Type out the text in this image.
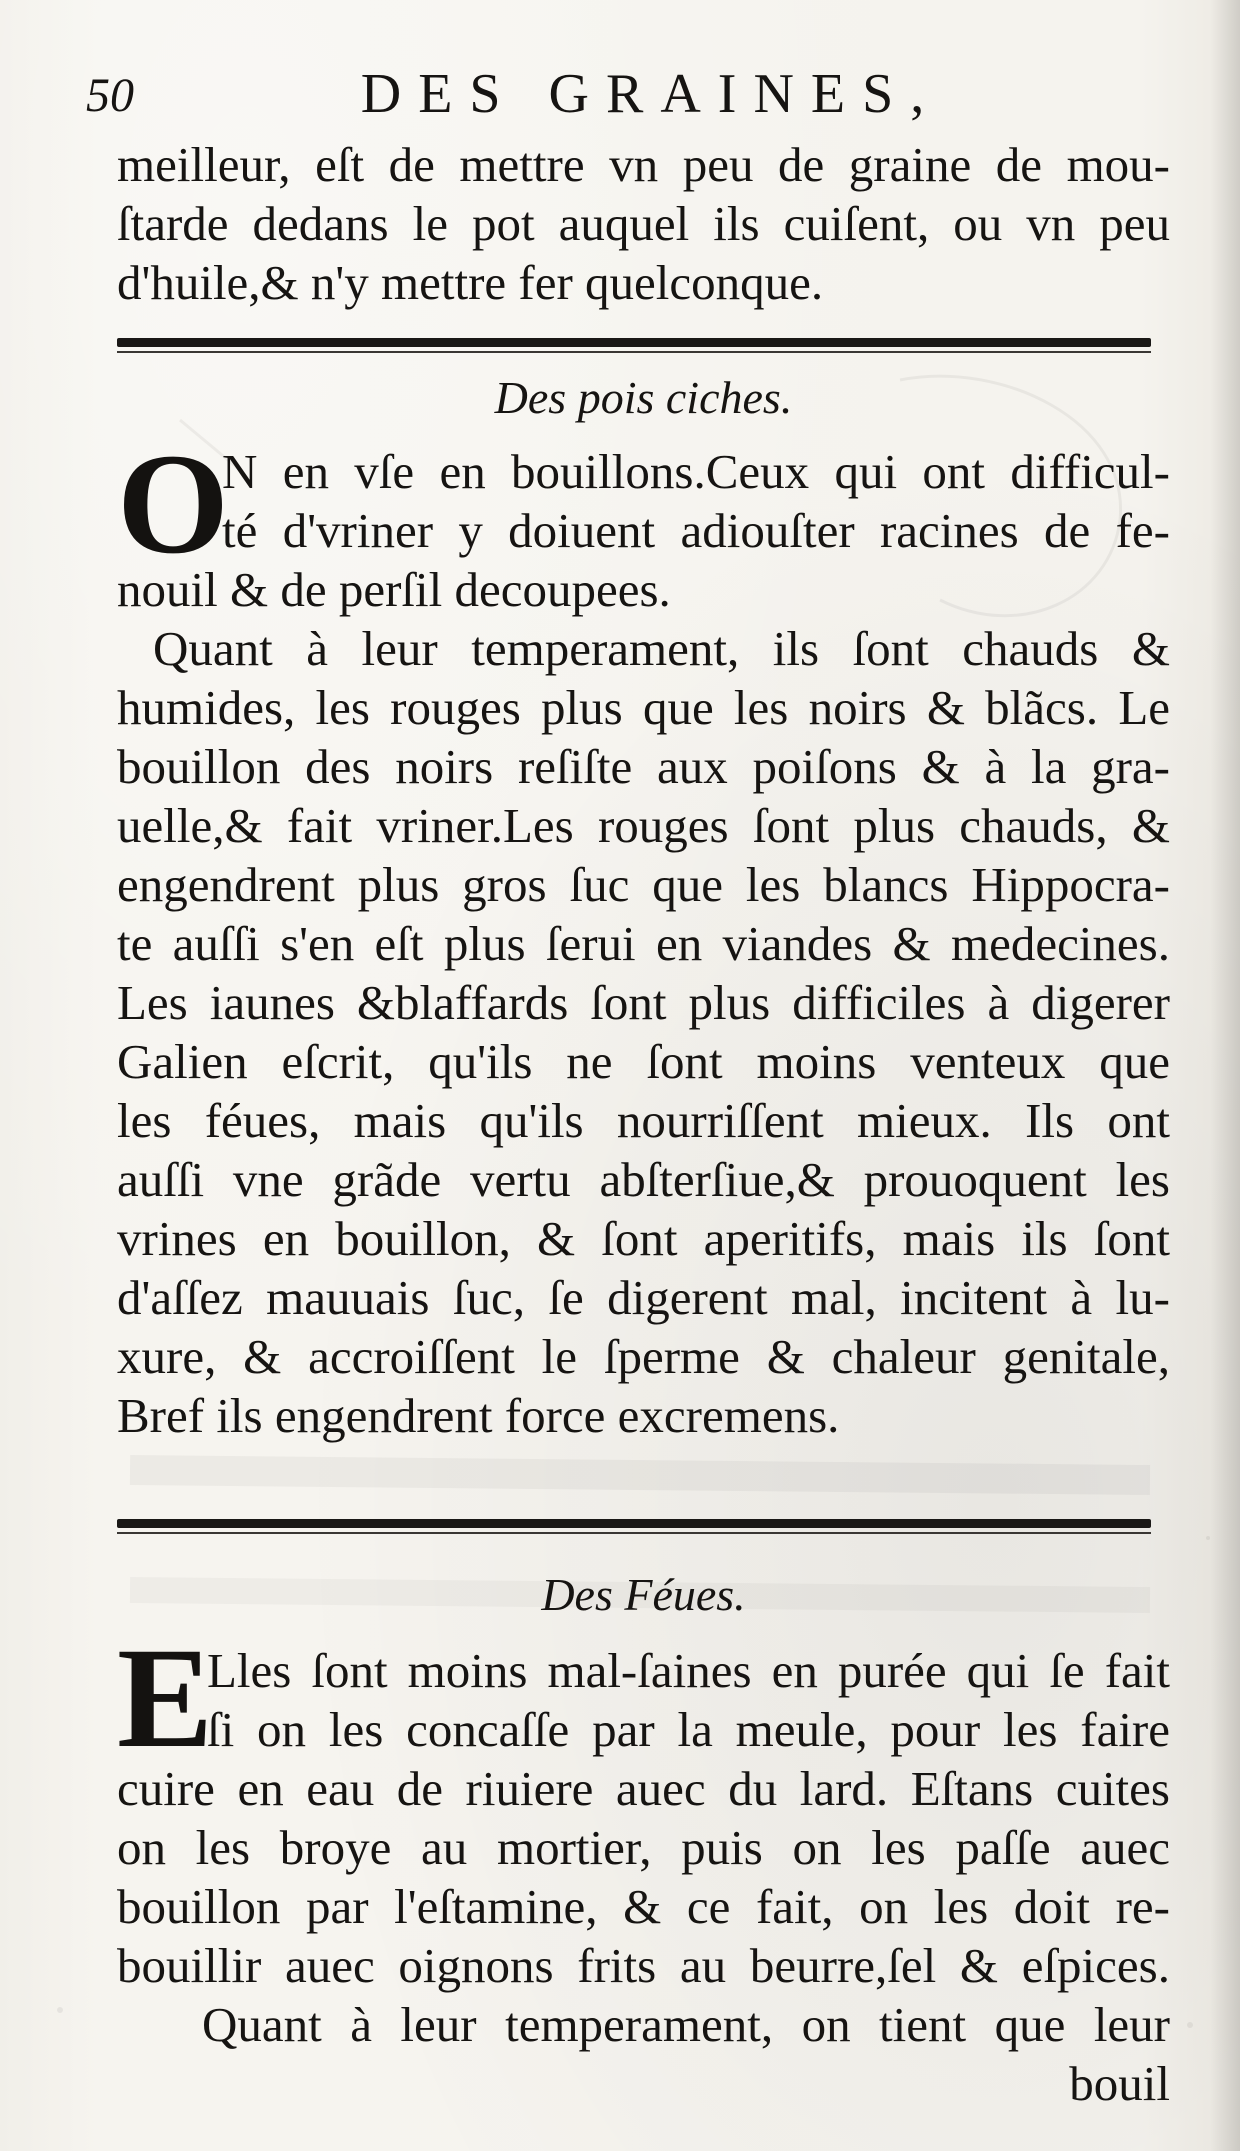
50	DES GRAINES,
meilleur, eſt de mettre vn peu de graine de mou-
ſtarde dedans le pot auquel ils cuiſent, ou vn peu
d'huile,& n'y mettre fer quelconque.
Des pois ciches.
O
N en vſe en bouillons.Ceux qui ont difficul-
té d'vriner y doiuent adiouſter racines de fe-
nouil & de perſil decoupees.
Quant à leur temperament, ils ſont chauds &
humides, les rouges plus que les noirs & blãcs. Le
bouillon des noirs reſiſte aux poiſons & à la gra-
uelle,& fait vriner.Les rouges ſont plus chauds, &
engendrent plus gros ſuc que les blancs Hippocra-
te auſſi s'en eſt plus ſerui en viandes & medecines.
Les iaunes &blaffards ſont plus difficiles à digerer
Galien eſcrit, qu'ils ne ſont moins venteux que
les féues, mais qu'ils nourriſſent mieux. Ils ont
auſſi vne grãde vertu abſterſiue,& prouoquent les
vrines en bouillon, & ſont aperitifs, mais ils ſont
d'aſſez mauuais ſuc, ſe digerent mal, incitent à lu-
xure, & accroiſſent le ſperme & chaleur genitale,
Bref ils engendrent force excremens.
Des Féues.
E
Lles ſont moins mal-ſaines en purée qui ſe fait
ſi on les concaſſe par la meule, pour les faire
cuire en eau de riuiere auec du lard. Eſtans cuites
on les broye au mortier, puis on les paſſe auec
bouillon par l'eſtamine, & ce fait, on les doit re-
bouillir auec oignons frits au beurre,ſel & eſpices.
Quant à leur temperament, on tient que leur
bouil
